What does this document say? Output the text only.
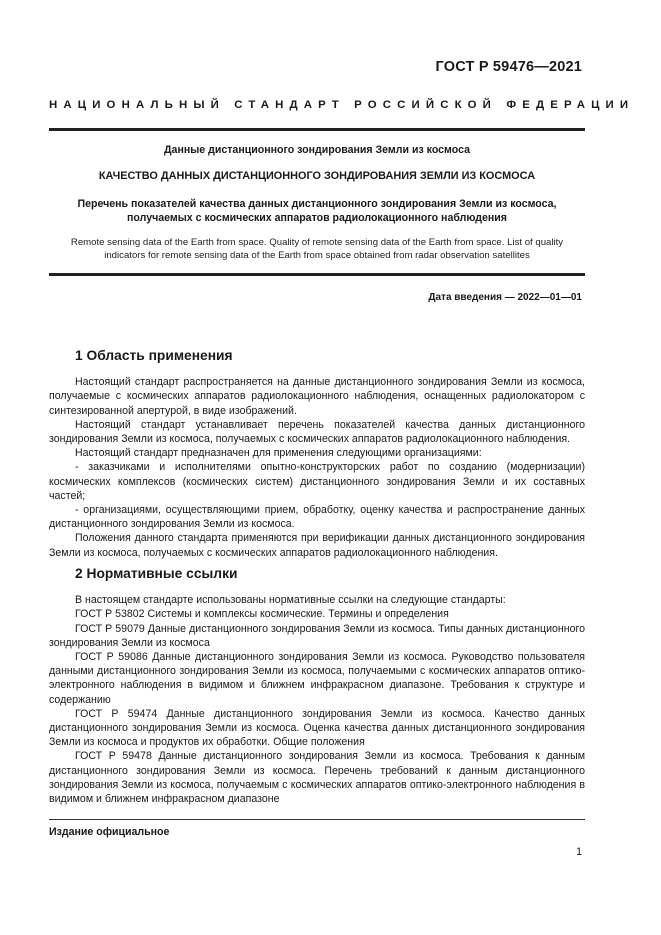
ГОСТ Р 59476—2021
НАЦИОНАЛЬНЫЙ СТАНДАРТ РОССИЙСКОЙ ФЕДЕРАЦИИ
Данные дистанционного зондирования Земли из космоса
КАЧЕСТВО ДАННЫХ ДИСТАНЦИОННОГО ЗОНДИРОВАНИЯ ЗЕМЛИ ИЗ КОСМОСА
Перечень показателей качества данных дистанционного зондирования Земли из космоса,
получаемых с космических аппаратов радиолокационного наблюдения
Remote sensing data of the Earth from space. Quality of remote sensing data of the Earth from space. List of quality
indicators for remote sensing data of the Earth from space obtained from radar observation satellites
Дата введения — 2022—01—01
1 Область применения

Настоящий стандарт распространяется на данные дистанционного зондирования Земли из космоса, получаемые с космических аппаратов радиолокационного наблюдения, оснащенных радиолокатором с синтезированной апертурой, в виде изображений.

Настоящий стандарт устанавливает перечень показателей качества данных дистанционного зондирования Земли из космоса, получаемых с космических аппаратов радиолокационного наблюдения.

Настоящий стандарт предназначен для применения следующими организациями:

- заказчиками и исполнителями опытно-конструкторских работ по созданию (модернизации) космических комплексов (космических систем) дистанционного зондирования Земли и их составных частей;

- организациями, осуществляющими прием, обработку, оценку качества и распространение данных дистанционного зондирования Земли из космоса.

Положения данного стандарта применяются при верификации данных дистанционного зондирования Земли из космоса, получаемых с космических аппаратов радиолокационного наблюдения.

2 Нормативные ссылки

В настоящем стандарте использованы нормативные ссылки на следующие стандарты:

ГОСТ Р 53802 Системы и комплексы космические. Термины и определения

ГОСТ Р 59079 Данные дистанционного зондирования Земли из космоса. Типы данных дистанционного зондирования Земли из космоса

ГОСТ Р 59086 Данные дистанционного зондирования Земли из космоса. Руководство пользователя данными дистанционного зондирования Земли из космоса, получаемыми с космических аппаратов оптико-электронного наблюдения в видимом и ближнем инфракрасном диапазоне. Требования к структуре и содержанию

ГОСТ Р 59474 Данные дистанционного зондирования Земли из космоса. Качество данных дистанционного зондирования Земли из космоса. Оценка качества данных дистанционного зондирования Земли из космоса и продуктов их обработки. Общие положения

ГОСТ Р 59478 Данные дистанционного зондирования Земли из космоса. Требования к данным дистанционного зондирования Земли из космоса. Перечень требований к данным дистанционного зондирования Земли из космоса, получаемым с космических аппаратов оптико-электронного наблюдения в видимом и ближнем инфракрасном диапазоне

Издание официальное
1
